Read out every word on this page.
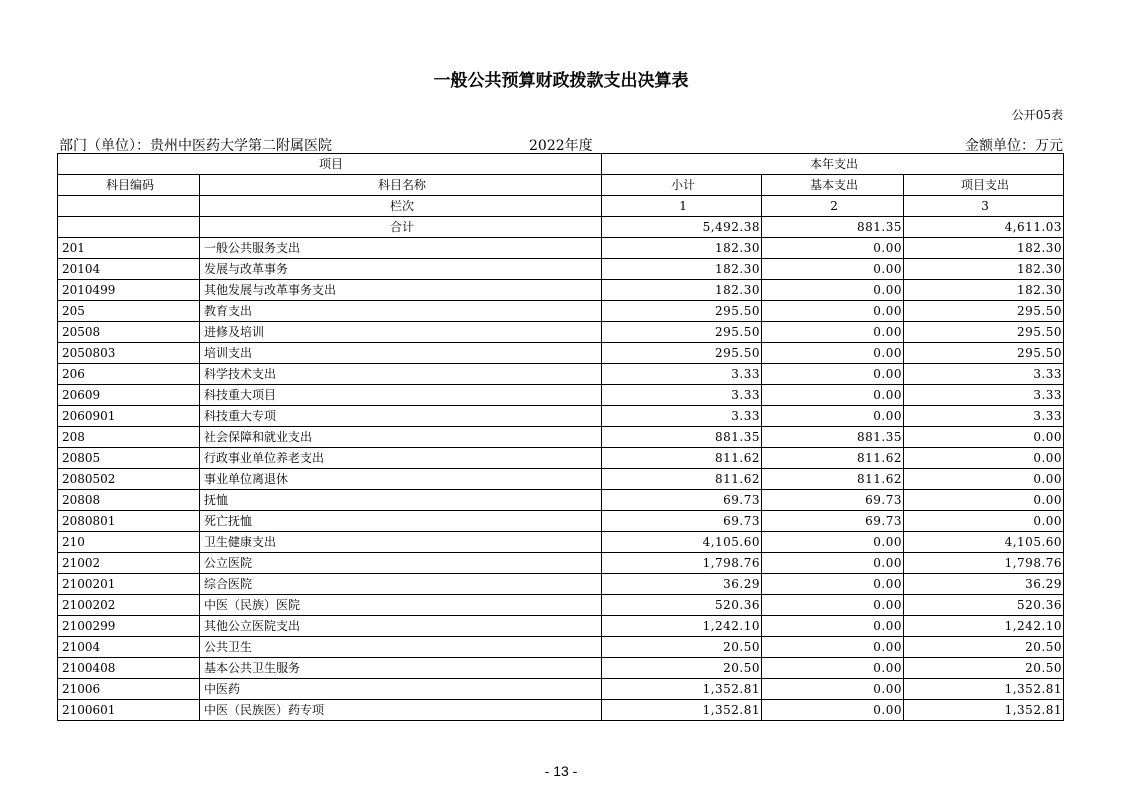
一般公共预算财政拨款支出决算表
公开05表
部门（单位）：贵州中医药大学第二附属医院	2022年度	金额单位：万元
项目		本年支出		
科目编码	科目名称	小计	基本支出	项目支出
	栏次	1	2	3
	合计	5,492.38	881.35	4,611.03
201	一般公共服务支出	182.30	0.00	182.30
20104	发展与改革事务	182.30	0.00	182.30
2010499	其他发展与改革事务支出	182.30	0.00	182.30
205	教育支出	295.50	0.00	295.50
20508	进修及培训	295.50	0.00	295.50
2050803	培训支出	295.50	0.00	295.50
206	科学技术支出	3.33	0.00	3.33
20609	科技重大项目	3.33	0.00	3.33
2060901	科技重大专项	3.33	0.00	3.33
208	社会保障和就业支出	881.35	881.35	0.00
20805	行政事业单位养老支出	811.62	811.62	0.00
2080502	事业单位离退休	811.62	811.62	0.00
20808	抚恤	69.73	69.73	0.00
2080801	死亡抚恤	69.73	69.73	0.00
210	卫生健康支出	4,105.60	0.00	4,105.60
21002	公立医院	1,798.76	0.00	1,798.76
2100201	综合医院	36.29	0.00	36.29
2100202	中医（民族）医院	520.36	0.00	520.36
2100299	其他公立医院支出	1,242.10	0.00	1,242.10
21004	公共卫生	20.50	0.00	20.50
2100408	基本公共卫生服务	20.50	0.00	20.50
21006	中医药	1,352.81	0.00	1,352.81
2100601	中医（民族医）药专项	1,352.81	0.00	1,352.81
- 13 -
